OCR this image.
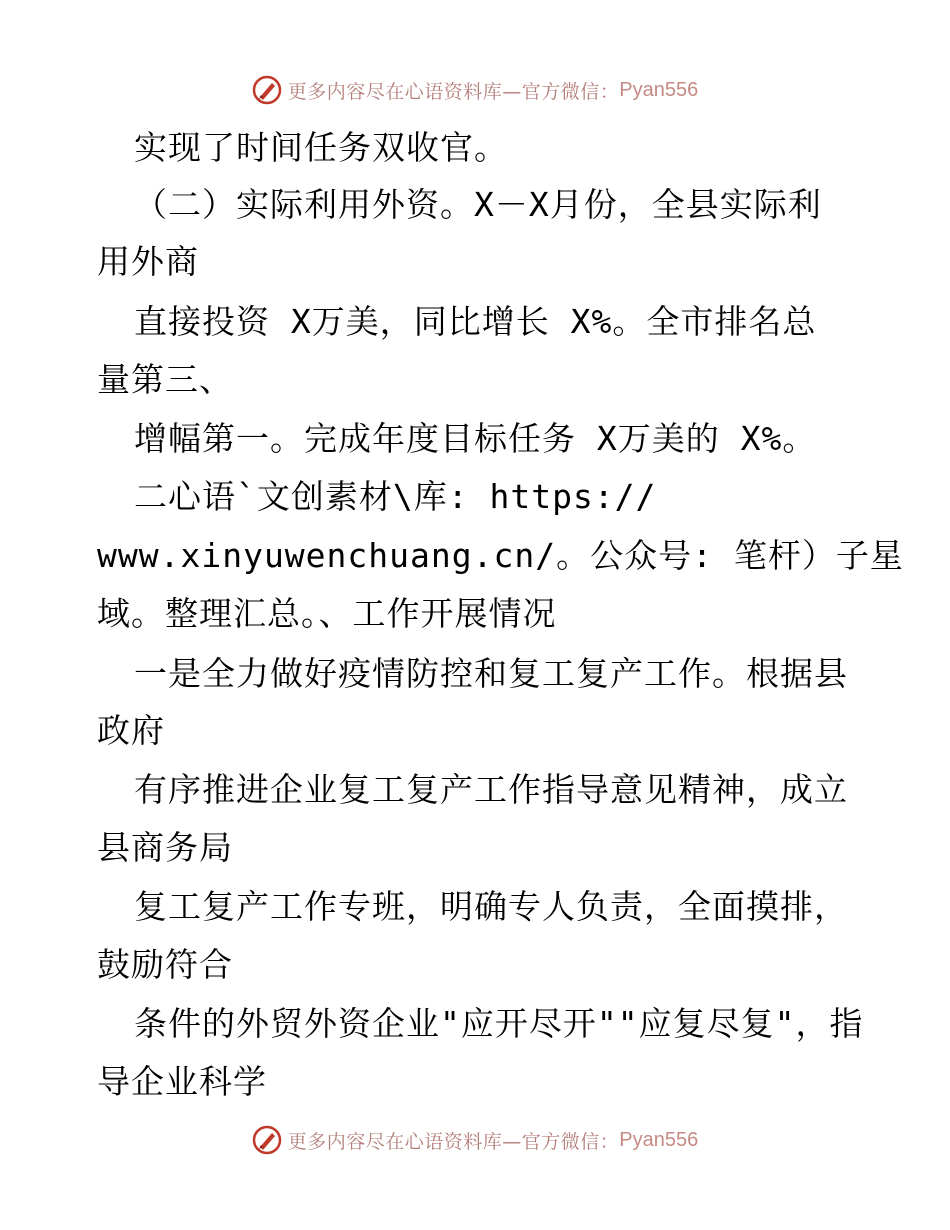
更多内容尽在心语资料库—官方微信： Pyan556
实现了时间任务双收官。
（二）实际利用外资。X－X月份，全县实际利
用外商
直接投资 X万美，同比增长 X%。全市排名总
量第三、
增幅第一。完成年度目标任务 X万美的 X%。
二心语`文创素材\库: https://
www.xinyuwenchuang.cn/。公众号: 笔杆）子星
域。整理汇总。、工作开展情况
一是全力做好疫情防控和复工复产工作。根据县
政府
有序推进企业复工复产工作指导意见精神，成立
县商务局
复工复产工作专班，明确专人负责，全面摸排，
鼓励符合
条件的外贸外资企业"应开尽开""应复尽复"，指
导企业科学
更多内容尽在心语资料库—官方微信： Pyan556
